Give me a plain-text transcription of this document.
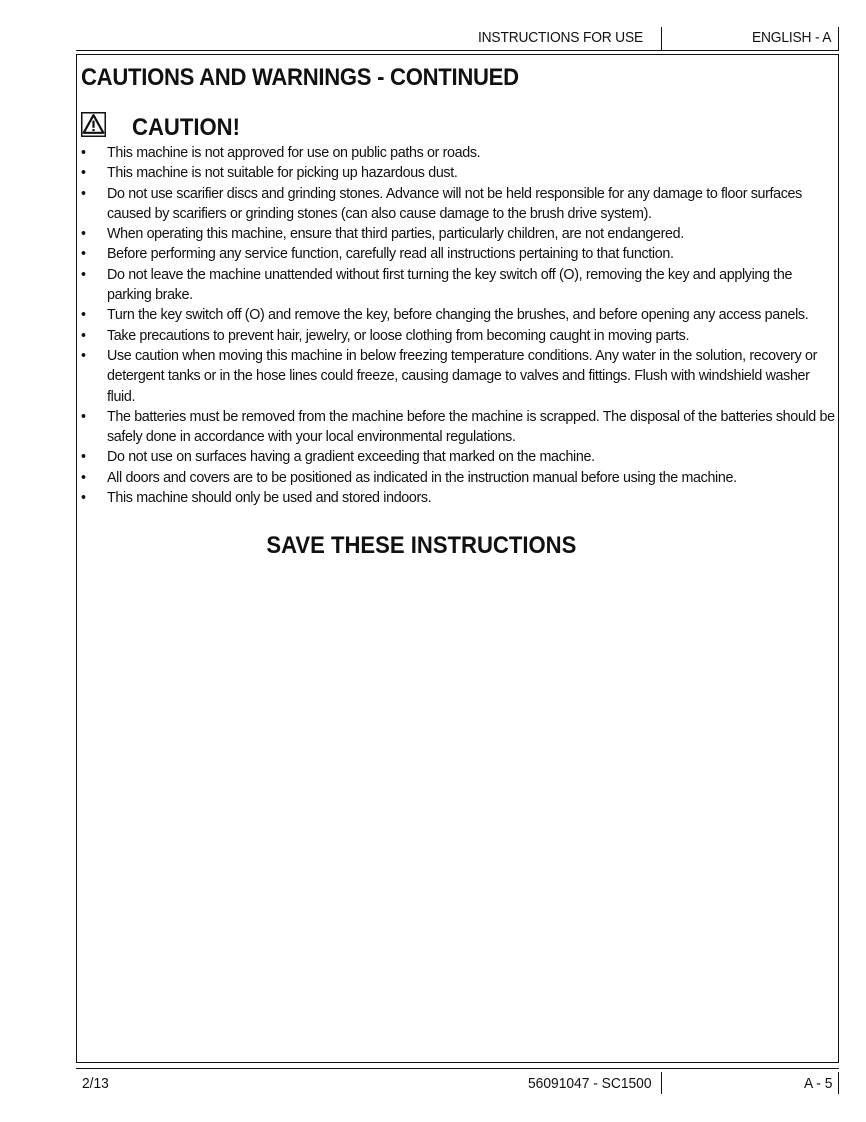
INSTRUCTIONS FOR USE	ENGLISH - A
CAUTIONS AND WARNINGS - CONTINUED
CAUTION!
• This machine is not approved for use on public paths or roads.
• This machine is not suitable for picking up hazardous dust.
• Do not use scarifier discs and grinding stones. Advance will not be held responsible for any damage to floor surfaces caused by scarifiers or grinding stones (can also cause damage to the brush drive system).
• When operating this machine, ensure that third parties, particularly children, are not endangered.
• Before performing any service function, carefully read all instructions pertaining to that function.
• Do not leave the machine unattended without first turning the key switch off (O), removing the key and applying the parking brake.
• Turn the key switch off (O) and remove the key, before changing the brushes, and before opening any access panels.
• Take precautions to prevent hair, jewelry, or loose clothing from becoming caught in moving parts.
• Use caution when moving this machine in below freezing temperature conditions. Any water in the solution, recovery or detergent tanks or in the hose lines could freeze, causing damage to valves and fittings. Flush with windshield washer fluid.
• The batteries must be removed from the machine before the machine is scrapped. The disposal of the batteries should be safely done in accordance with your local environmental regulations.
• Do not use on surfaces having a gradient exceeding that marked on the machine.
• All doors and covers are to be positioned as indicated in the instruction manual before using the machine.
• This machine should only be used and stored indoors.
SAVE THESE INSTRUCTIONS
2/13	56091047 - SC1500	A - 5
